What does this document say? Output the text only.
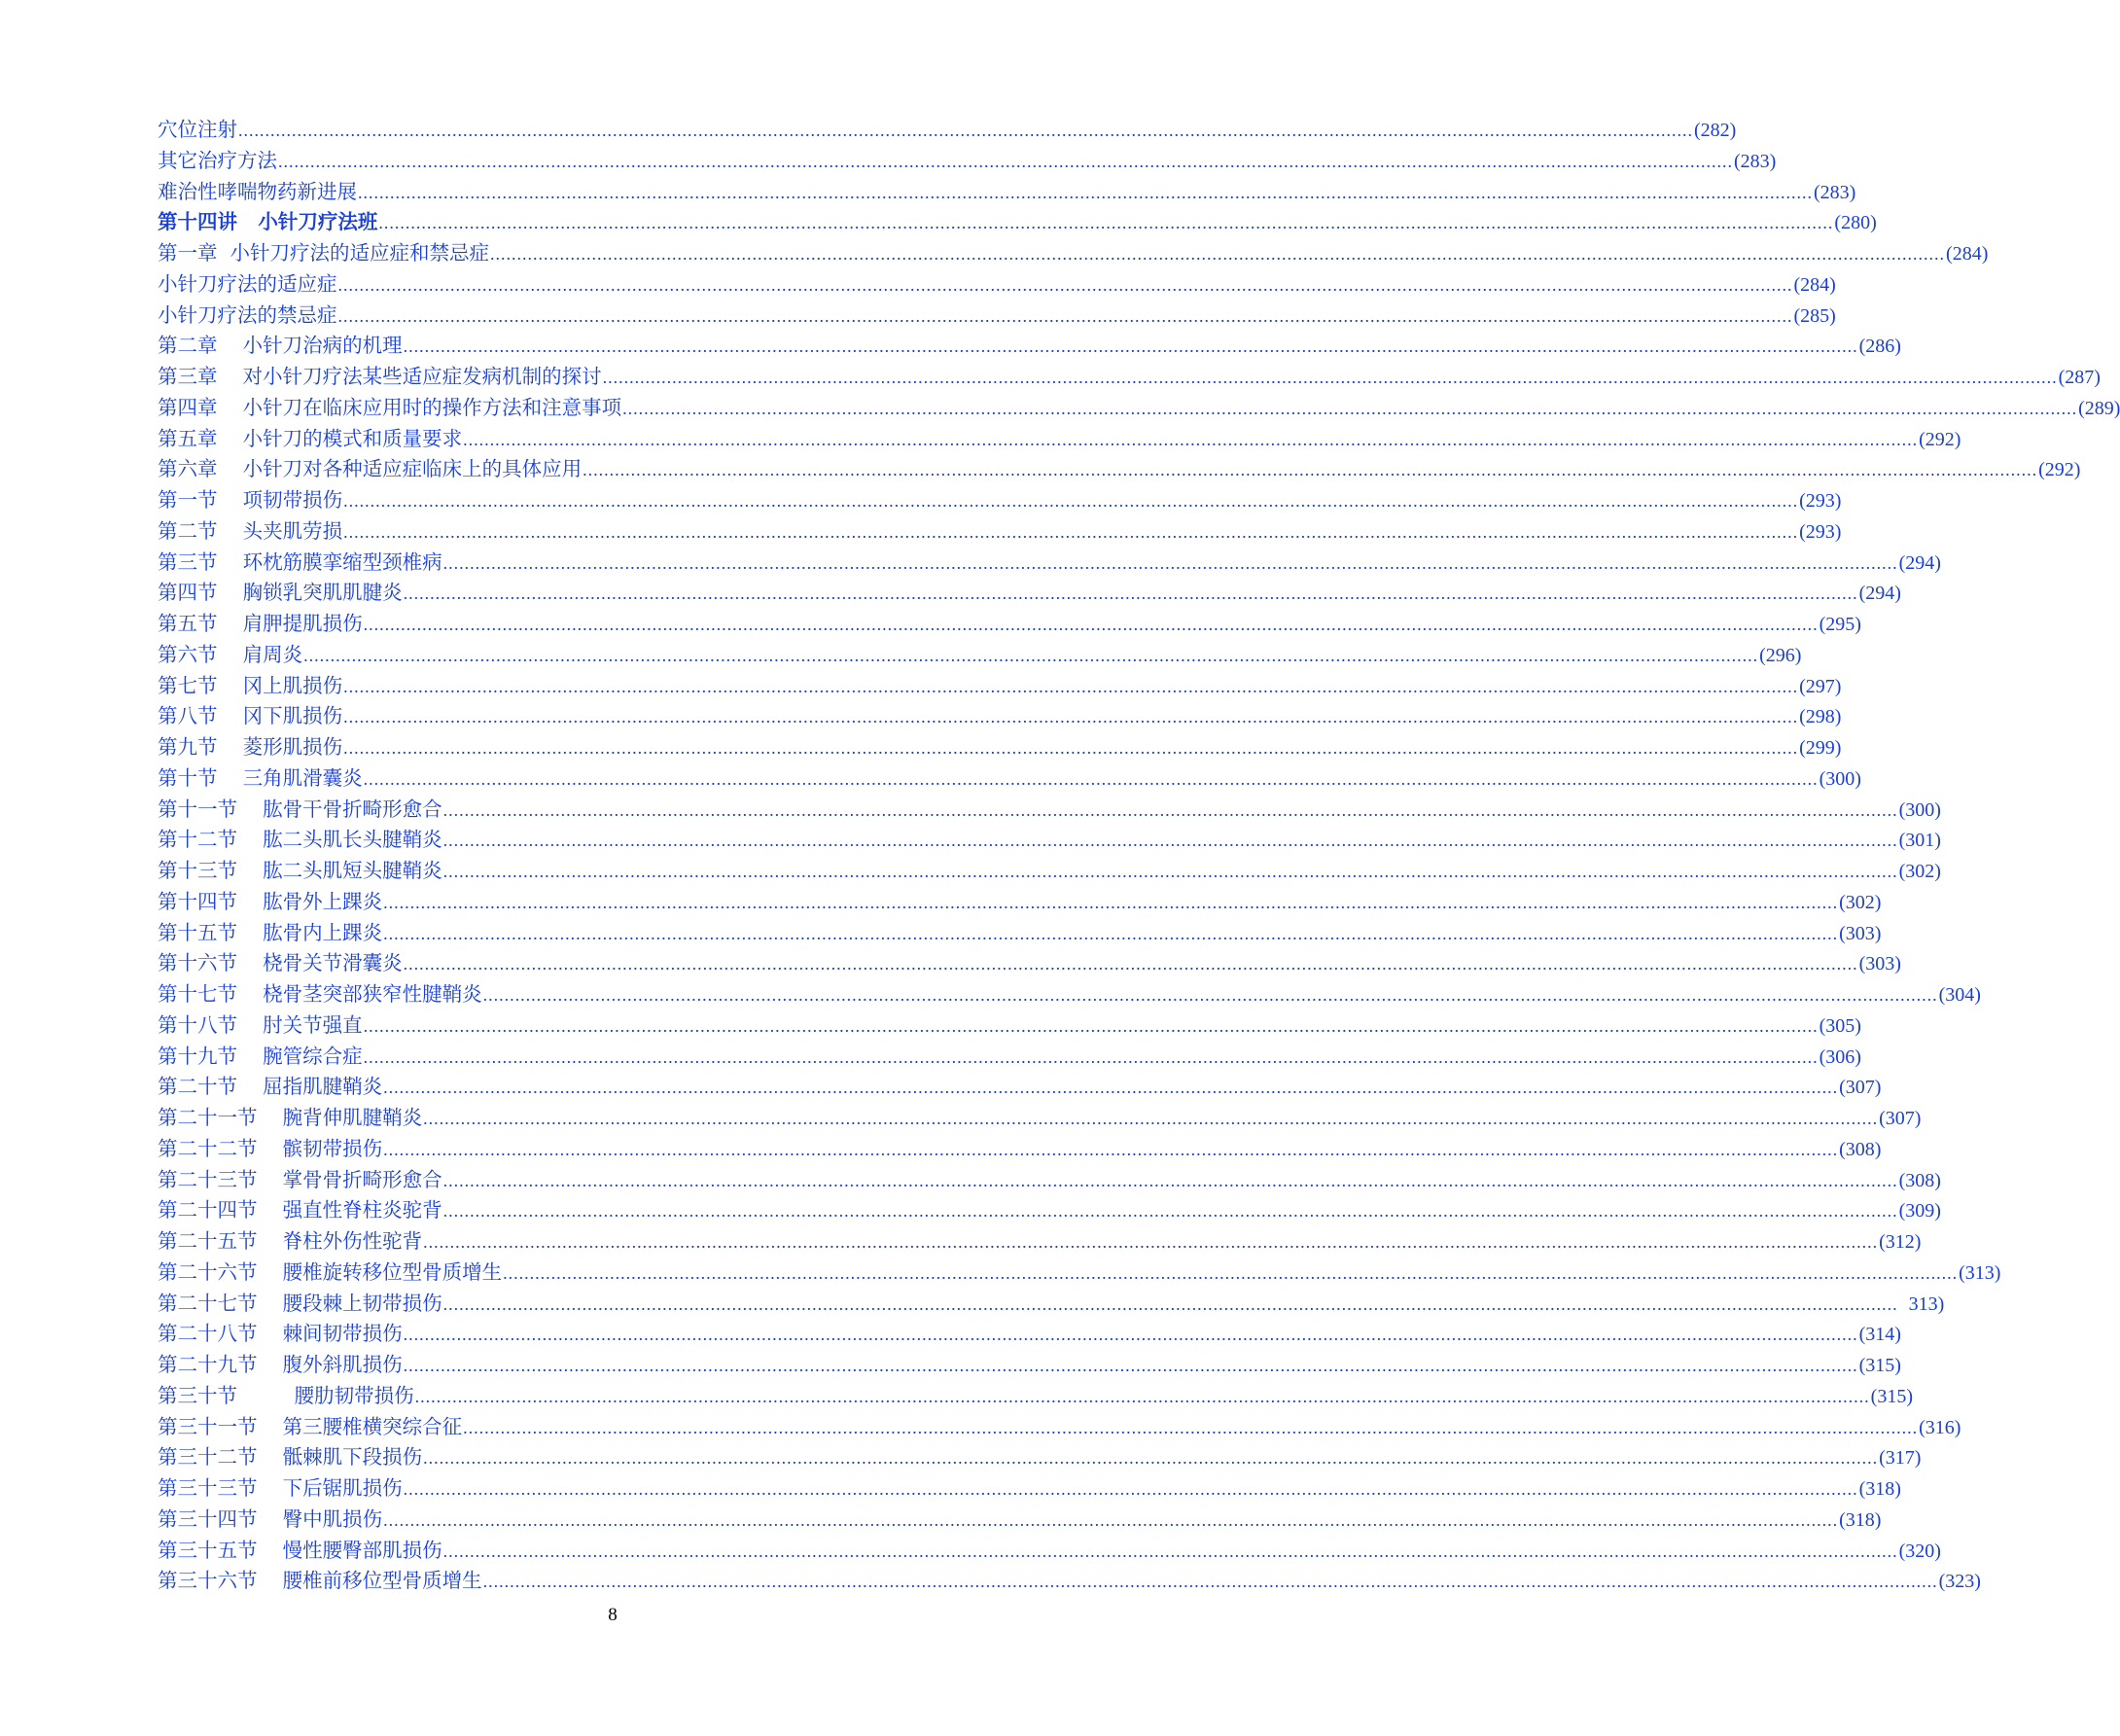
穴位注射 .....	(282)
其它治疗方法 .....	(283)
难治性哮喘物药新进展 .....	(283)
第十四讲   小针刀疗法班 .....	(280)
第一章  小针刀疗法的适应症和禁忌症 .....	(284)
小针刀疗法的适应症 .....	(284)
小针刀疗法的禁忌症 .....	(285)
第二章    小针刀治病的机理 .....	(286)
第三章    对小针刀疗法某些适应症发病机制的探讨 .....	(287)
第四章    小针刀在临床应用时的操作方法和注意事项 .....	(289)
第五章    小针刀的模式和质量要求 .....	(292)
第六章    小针刀对各种适应症临床上的具体应用 .....	(292)
第一节    项韧带损伤 .....	(293)
第二节    头夹肌劳损 .....	(293)
第三节    环枕筋膜挛缩型颈椎病 .....	(294)
第四节    胸锁乳突肌肌腱炎 .....	(294)
第五节    肩胛提肌损伤 .....	(295)
第六节    肩周炎 .....	(296)
第七节    冈上肌损伤 .....	(297)
第八节    冈下肌损伤 .....	(298)
第九节    菱形肌损伤 .....	(299)
第十节    三角肌滑囊炎 .....	(300)
第十一节    肱骨干骨折畸形愈合 .....	(300)
第十二节    肱二头肌长头腱鞘炎 .....	(301)
第十三节    肱二头肌短头腱鞘炎 .....	(302)
第十四节    肱骨外上踝炎 .....	(302)
第十五节    肱骨内上踝炎 .....	(303)
第十六节    桡骨关节滑囊炎 .....	(303)
第十七节    桡骨茎突部狭窄性腱鞘炎 .....	(304)
第十八节    肘关节强直 .....	(305)
第十九节    腕管综合症 .....	(306)
第二十节    屈指肌腱鞘炎 .....	(307)
第二十一节    腕背伸肌腱鞘炎 .....	(307)
第二十二节    髌韧带损伤 .....	(308)
第二十三节    掌骨骨折畸形愈合 .....	(308)
第二十四节    强直性脊柱炎驼背 .....	(309)
第二十五节    脊柱外伤性驼背 .....	(312)
第二十六节    腰椎旋转移位型骨质增生 .....	(313)
第二十七节    腰段棘上韧带损伤 .....	313)
第二十八节    棘间韧带损伤 .....	(314)
第二十九节    腹外斜肌损伤 .....	(315)
第三十节         腰肋韧带损伤 .....	(315)
第三十一节    第三腰椎横突综合征 .....	(316)
第三十二节    骶棘肌下段损伤 .....	(317)
第三十三节    下后锯肌损伤 .....	(318)
第三十四节    臀中肌损伤 .....	(318)
第三十五节    慢性腰臀部肌损伤 .....	(320)
第三十六节    腰椎前移位型骨质增生 .....	(323)
8
